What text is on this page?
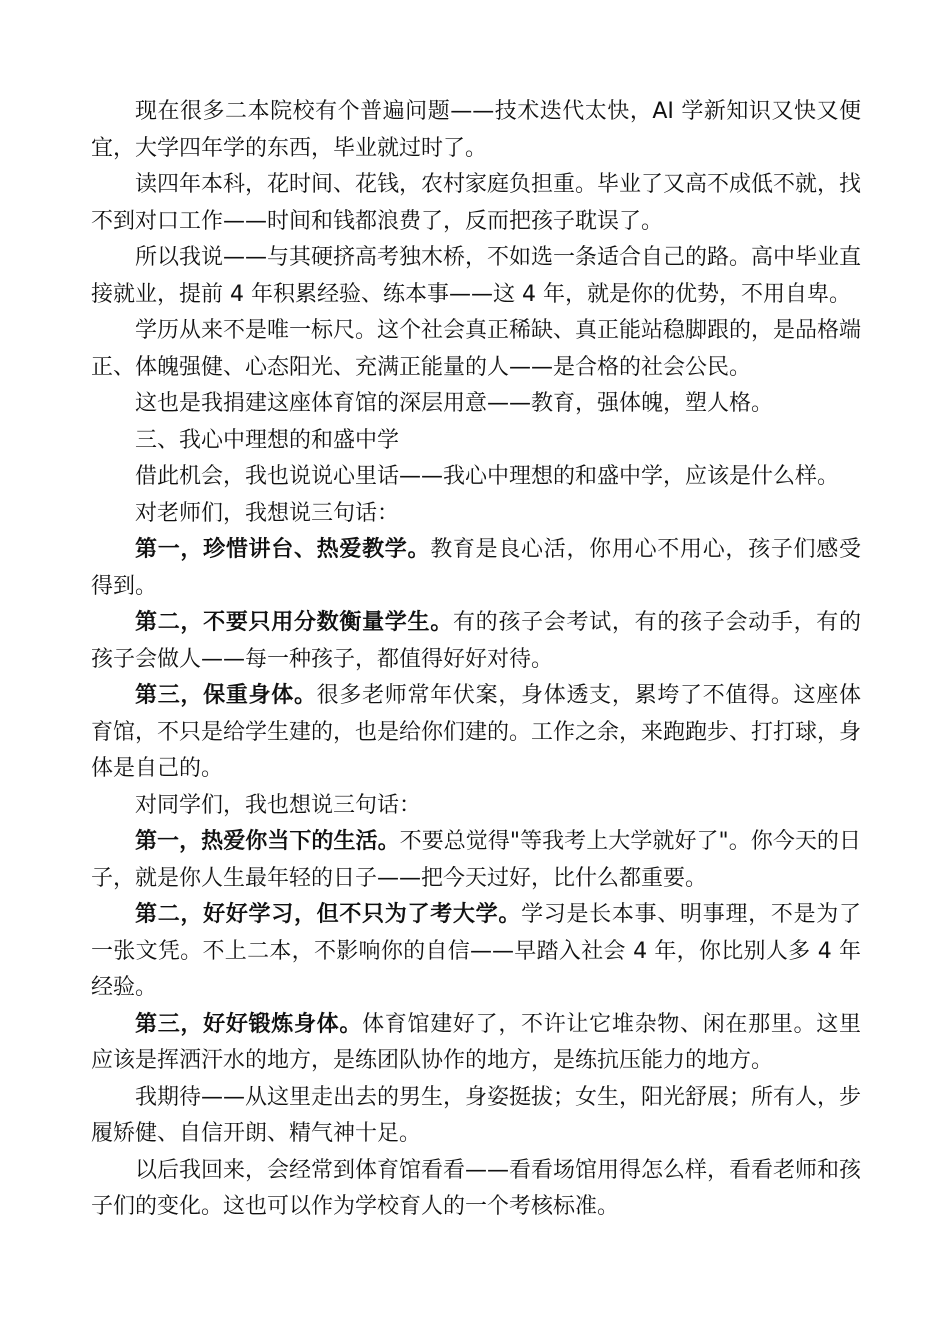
现在很多二本院校有个普遍问题——技术迭代太快，AI 学新知识又快又便宜，大学四年学的东西，毕业就过时了。

读四年本科，花时间、花钱，农村家庭负担重。毕业了又高不成低不就，找不到对口工作——时间和钱都浪费了，反而把孩子耽误了。

所以我说——与其硬挤高考独木桥，不如选一条适合自己的路。高中毕业直接就业，提前 4 年积累经验、练本事——这 4 年，就是你的优势，不用自卑。

学历从来不是唯一标尺。这个社会真正稀缺、真正能站稳脚跟的，是品格端正、体魄强健、心态阳光、充满正能量的人——是合格的社会公民。

这也是我捐建这座体育馆的深层用意——教育，强体魄，塑人格。

三、我心中理想的和盛中学

借此机会，我也说说心里话——我心中理想的和盛中学，应该是什么样。

对老师们，我想说三句话：

第一，珍惜讲台、热爱教学。教育是良心活，你用心不用心，孩子们感受得到。

第二，不要只用分数衡量学生。有的孩子会考试，有的孩子会动手，有的孩子会做人——每一种孩子，都值得好好对待。

第三，保重身体。很多老师常年伏案，身体透支，累垮了不值得。这座体育馆，不只是给学生建的，也是给你们建的。工作之余，来跑跑步、打打球，身体是自己的。

对同学们，我也想说三句话：

第一，热爱你当下的生活。不要总觉得"等我考上大学就好了"。你今天的日子，就是你人生最年轻的日子——把今天过好，比什么都重要。

第二，好好学习，但不只为了考大学。学习是长本事、明事理，不是为了一张文凭。不上二本，不影响你的自信——早踏入社会 4 年，你比别人多 4 年经验。

第三，好好锻炼身体。体育馆建好了，不许让它堆杂物、闲在那里。这里应该是挥洒汗水的地方，是练团队协作的地方，是练抗压能力的地方。

我期待——从这里走出去的男生，身姿挺拔；女生，阳光舒展；所有人，步履矫健、自信开朗、精气神十足。

以后我回来，会经常到体育馆看看——看看场馆用得怎么样，看看老师和孩子们的变化。这也可以作为学校育人的一个考核标准。
